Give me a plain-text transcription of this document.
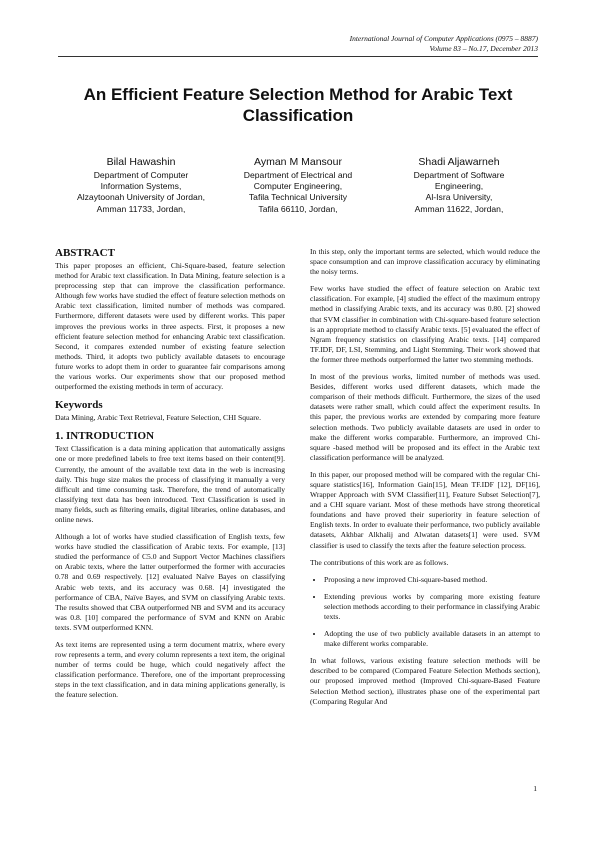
International Journal of Computer Applications (0975 – 8887)
Volume 83 – No.17, December 2013
An Efficient Feature Selection Method for Arabic Text Classification
Bilal Hawashin
Department of Computer
Information Systems,
Alzaytoonah University of Jordan,
Amman 11733, Jordan,
Ayman M Mansour
Department of Electrical and
Computer Engineering,
Tafila Technical University
Tafila 66110, Jordan,
Shadi Aljawarneh
Department of Software
Engineering,
Al-Isra University,
Amman 11622, Jordan,
ABSTRACT

This paper proposes an efficient, Chi-Square-based, feature selection method for Arabic text classification. In Data Mining, feature selection is a preprocessing step that can improve the classification performance. Although few works have studied the effect of feature selection methods on Arabic text classification, limited number of methods was compared. Furthermore, different datasets were used by different works. This paper improves the previous works in three aspects. First, it proposes a new efficient feature selection method for enhancing Arabic text classification. Second, it compares extended number of existing feature selection methods. Third, it adopts two publicly available datasets to encourage future works to adopt them in order to guarantee fair comparisons among the various works. Our experiments show that our proposed method outperformed the existing methods in term of accuracy.

Keywords

Data Mining, Arabic Text Retrieval, Feature Selection, CHI Square.

1. INTRODUCTION

Text Classification is a data mining application that automatically assigns one or more predefined labels to free text items based on their content[9]. Currently, the amount of the available text data in the web is increasing daily. This huge size makes the process of classifying it manually a very difficult and time consuming task. Therefore, the trend of automatically classifying text data has been introduced. Text Classification is used in many fields, such as filtering emails, digital libraries, online databases, and online news.

Although a lot of works have studied classification of English texts, few works have studied the classification of Arabic texts. For example, [13] studied the performance of C5.0 and Support Vector Machines classifiers on Arabic texts, where the latter outperformed the former with accuracies 0.78 and 0.69 respectively. [12] evaluated Naïve Bayes on classifying Arabic web texts, and its accuracy was 0.68. [4] investigated the performance of CBA, Naïve Bayes, and SVM on classifying Arabic texts. The results showed that CBA outperformed NB and SVM and its accuracy was 0.8. [10] compared the performance of SVM and KNN on Arabic texts. SVM outperformed KNN.

As text items are represented using a term document matrix, where every row represents a term, and every column represents a text item, the original number of terms could be huge, which could negatively affect the classification performance. Therefore, one of the important preprocessing steps in the text classification, and in data mining applications generally, is the feature selection.

In this step, only the important terms are selected, which would reduce the space consumption and can improve classification accuracy by eliminating the noisy terms.

Few works have studied the effect of feature selection on Arabic text classification. For example, [4] studied the effect of the maximum entropy method in classifying Arabic texts, and its accuracy was 0.80. [2] showed that SVM classifier in combination with Chi-square-based feature selection is an appropriate method to classify Arabic texts. [5] evaluated the effect of Ngram frequency statistics on classifying Arabic texts. [14] compared TF.IDF, DF, LSI, Stemming, and Light Stemming. Their work showed that the former three methods outperformed the latter two stemming methods.

In most of the previous works, limited number of methods was used. Besides, different works used different datasets, which made the comparison of their methods difficult. Furthermore, the sizes of the used datasets were rather small, which could affect the experiment results. In this paper, the previous works are extended by comparing more feature selection methods. Two publicly available datasets are used in order to make the different works comparable. Furthermore, an improved Chi-square -based method will be proposed and its effect in the Arabic text classification performance will be analyzed.

In this paper, our proposed method will be compared with the regular Chi-square statistics[16], Information Gain[15], Mean TF.IDF [12], DF[16], Wrapper Approach with SVM Classifier[11], Feature Subset Selection[7], and a CHI square variant. Most of these methods have strong theoretical foundations and have proved their superiority in feature selection of English texts. In order to evaluate their performance, two publicly available datasets, Akhbar Alkhalij and Alwatan datasets[1] were used. SVM classifier is used to classify the texts after the feature selection process.

The contributions of this work are as follows.

• Proposing a new improved Chi-square-based method.
• Extending previous works by comparing more existing feature selection methods according to their performance in classifying Arabic texts.
• Adopting the use of two publicly available datasets in an attempt to make different works comparable.

In what follows, various existing feature selection methods will be described to be compared (Compared Feature Selection Methods section), our proposed improved method (Improved Chi-square-Based Feature Selection Method section), illustrates phase one of the experimental part (Comparing Regular And

1
